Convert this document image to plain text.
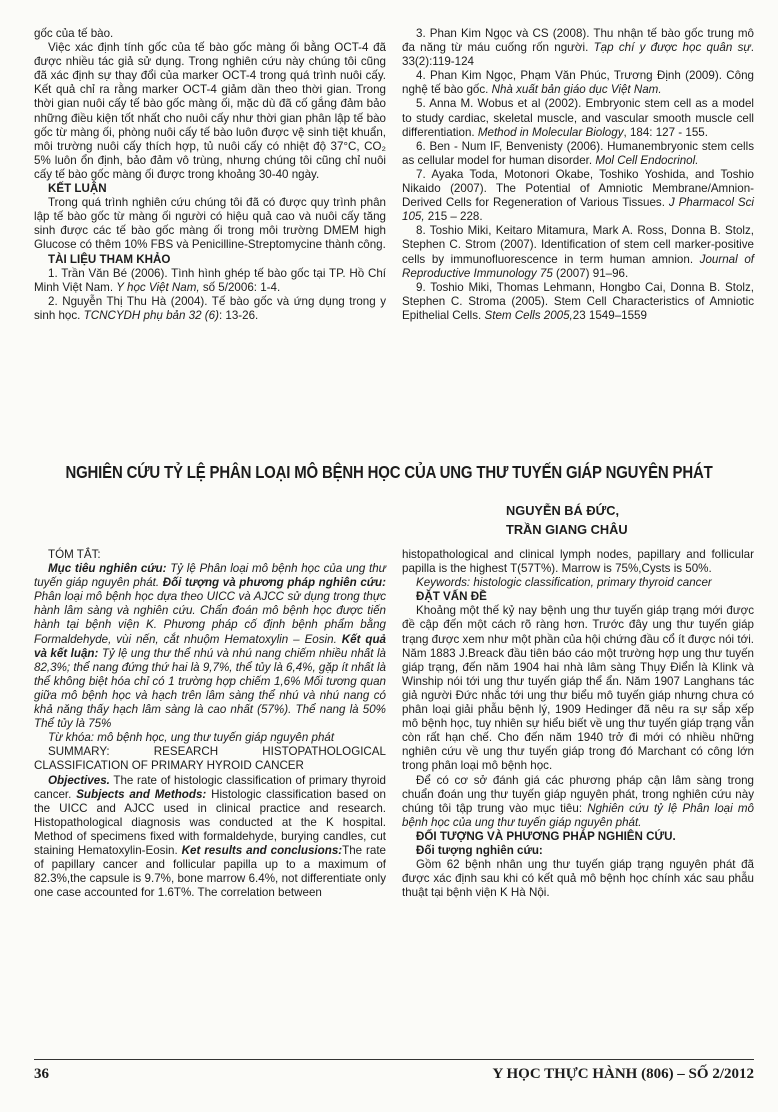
gốc của tế bào.

Việc xác định tính gốc của tế bào gốc màng ối bằng OCT-4 đã được nhiều tác giả sử dụng. Trong nghiên cứu này chúng tôi cũng đã xác định sự thay đổi của marker OCT-4 trong quá trình nuôi cấy. Kết quả chỉ ra rằng marker OCT-4 giảm dần theo thời gian. Trong thời gian nuôi cấy tế bào gốc màng ối, mặc dù đã cố gắng đảm bảo những điều kiện tốt nhất cho nuôi cấy như thời gian phân lập tế bào gốc từ màng ối, phòng nuôi cấy tế bào luôn được vệ sinh tiệt khuẩn, môi trường nuôi cấy thích hợp, tủ nuôi cấy có nhiệt độ 37°C, CO₂ 5% luôn ổn định, bảo đảm vô trùng, nhưng chúng tôi cũng chỉ nuôi cấy tế bào gốc màng ối được trong khoảng 30-40 ngày.

KẾT LUẬN

Trong quá trình nghiên cứu chúng tôi đã có được quy trình phân lập tế bào gốc từ màng ối người có hiệu quả cao và nuôi cấy tăng sinh được các tế bào gốc màng ối trong môi trường DMEM high Glucose có thêm 10% FBS và Penicilline-Streptomycine thành công.

TÀI LIỆU THAM KHẢO

1. Trần Văn Bé (2006). Tình hình ghép tế bào gốc tại TP. Hồ Chí Minh Việt Nam. Y học Việt Nam, số 5/2006: 1-4.

2. Nguyễn Thị Thu Hà (2004). Tế bào gốc và ứng dụng trong y sinh học. TCNCYDH phụ bản 32 (6): 13-26.

3. Phan Kim Ngọc và CS (2008). Thu nhận tế bào gốc trung mô đa năng từ máu cuống rốn người. Tạp chí y được học quân sự. 33(2):119-124

4. Phan Kim Ngọc, Phạm Văn Phúc, Trương Định (2009). Công nghệ tế bào gốc. Nhà xuất bản giáo dục Việt Nam.

5. Anna M. Wobus et al (2002). Embryonic stem cell as a model to study cardiac, skeletal muscle, and vascular smooth muscle cell differentiation. Method in Molecular Biology, 184: 127 - 155.

6. Ben - Num IF, Benvenisty (2006). Humanembryonic stem cells as cellular model for human disorder. Mol Cell Endocrinol.

7. Ayaka Toda, Motonori Okabe, Toshiko Yoshida, and Toshio Nikaido (2007). The Potential of Amniotic Membrane/Amnion-Derived Cells for Regeneration of Various Tissues. J Pharmacol Sci 105, 215 – 228.

8. Toshio Miki, Keitaro Mitamura, Mark A. Ross, Donna B. Stolz, Stephen C. Strom (2007). Identification of stem cell marker-positive cells by immunofluorescence in term human amnion. Journal of Reproductive Immunology 75 (2007) 91–96.

9. Toshio Miki, Thomas Lehmann, Hongbo Cai, Donna B. Stolz, Stephen C. Stroma (2005). Stem Cell Characteristics of Amniotic Epithelial Cells. Stem Cells 2005,23 1549–1559

NGHIÊN CỨU TỶ LỆ PHÂN LOẠI MÔ BỆNH HỌC CỦA UNG THƯ TUYẾN GIÁP NGUYÊN PHÁT
NGUYỄN BÁ ĐỨC,
TRẦN GIANG CHÂU

TÓM TẮT:

Mục tiêu nghiên cứu: Tỷ lệ Phân loại mô bệnh học của ung thư tuyến giáp nguyên phát. Đối tượng và phương pháp nghiên cứu: Phân loại mô bệnh học dựa theo UICC và AJCC sử dụng trong thực hành lâm sàng và nghiên cứu. Chẩn đoán mô bệnh học được tiến hành tại bệnh viện K. Phương pháp cố định bệnh phẩm bằng Formaldehyde, vùi nến, cắt nhuộm Hematoxylin – Eosin. Kết quả và kết luận: Tỷ lệ ung thư thể nhú và nhú nang chiếm nhiều nhất là 82,3%; thể nang đứng thứ hai là 9,7%, thể tủy là 6,4%, gặp ít nhất là thể không biệt hóa chỉ có 1 trường hợp chiếm 1,6% Mối tương quan giữa mô bệnh học và hạch trên lâm sàng thể nhú và nhú nang có khả năng thấy hạch lâm sàng là cao nhất (57%). Thể nang là 50% Thể tủy là 75%

Từ khóa: mô bệnh học, ung thư tuyến giáp nguyên phát

SUMMARY: RESEARCH HISTOPATHOLOGICAL CLASSIFICATION OF PRIMARY HYROID CANCER

Objectives. The rate of histologic classification of primary thyroid cancer. Subjects and Methods: Histologic classification based on the UICC and AJCC used in clinical practice and research. Histopathological diagnosis was conducted at the K hospital. Method of specimens fixed with formaldehyde, burying candles, cut staining Hematoxylin-Eosin. Ket results and conclusions:The rate of papillary cancer and follicular papilla up to a maximum of 82.3%,the capsule is 9.7%, bone marrow 6.4%, not differentiate only one case accounted for 1.6T%. The correlation between

histopathological and clinical lymph nodes, papillary and follicular papilla is the highest T(57T%). Marrow is 75%,Cysts is 50%.

Keywords: histologic classification, primary thyroid cancer

ĐẶT VẤN ĐỀ

Khoảng một thế kỷ nay bệnh ung thư tuyến giáp trạng mới được đề cập đến một cách rõ ràng hơn. Trước đây ung thư tuyến giáp trạng được xem như một phần của hội chứng đầu cổ ít được nói tới. Năm 1883 J.Breack đầu tiên báo cáo một trường hợp ung thư tuyến giáp trạng, đến năm 1904 hai nhà lâm sàng Thụy Điển là Klink và Winship nói tới ung thư tuyến giáp thể ẩn. Năm 1907 Langhans tác giả người Đức nhắc tới ung thư biểu mô tuyến giáp nhưng chưa có phân loại giải phẫu bệnh lý, 1909 Hedinger đã nêu ra sự sắp xếp mô bệnh học, tuy nhiên sự hiểu biết về ung thư tuyến giáp trạng vẫn còn rất hạn chế. Cho đến năm 1940 trở đi mới có nhiều những nghiên cứu về ung thư tuyến giáp trong đó Marchant có công lớn trong phân loại mô bệnh học.

Để có cơ sở đánh giá các phương pháp cận lâm sàng trong chuẩn đoán ung thư tuyến giáp nguyên phát, trong nghiên cứu này chúng tôi tập trung vào mục tiêu: Nghiên cứu tỷ lệ Phân loại mô bệnh học của ung thư tuyến giáp nguyên phát.

ĐỐI TƯỢNG VÀ PHƯƠNG PHÁP NGHIÊN CỨU.

Đối tượng nghiên cứu:

Gồm 62 bệnh nhân ung thư tuyến giáp trạng nguyên phát đã được xác định sau khi có kết quả mô bệnh học chính xác sau phẫu thuật tại bệnh viện K Hà Nội.

36	Y HỌC THỰC HÀNH (806) – SỐ 2/2012
